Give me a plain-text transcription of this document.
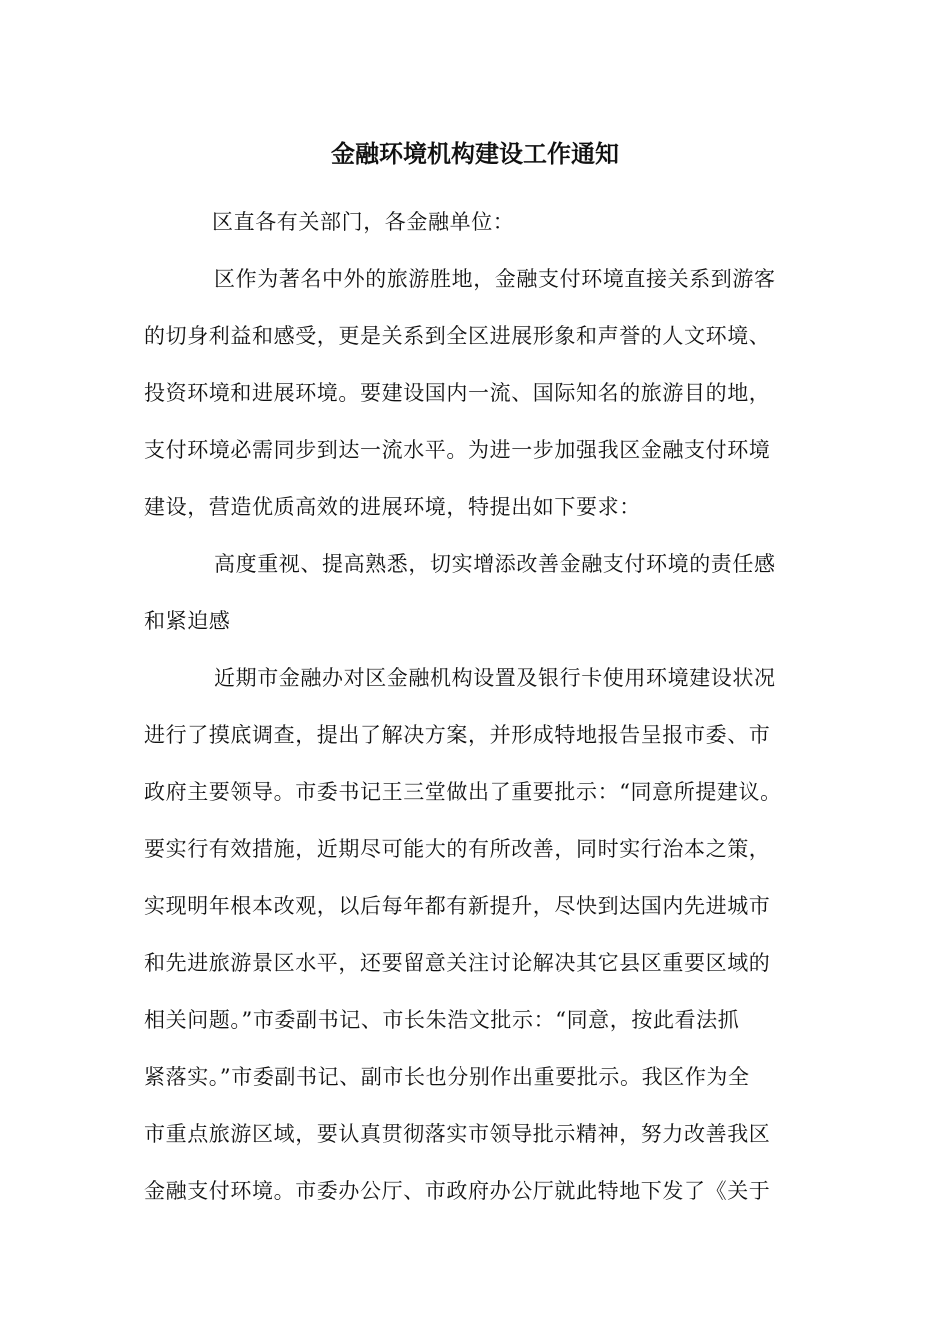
金融环境机构建设工作通知
区直各有关部门，各金融单位：
区作为著名中外的旅游胜地，金融支付环境直接关系到游客
的切身利益和感受，更是关系到全区进展形象和声誉的人文环境、
投资环境和进展环境。要建设国内一流、国际知名的旅游目的地，
支付环境必需同步到达一流水平。为进一步加强我区金融支付环境
建设，营造优质高效的进展环境，特提出如下要求：
高度重视、提高熟悉，切实增添改善金融支付环境的责任感
和紧迫感
近期市金融办对区金融机构设置及银行卡使用环境建设状况
进行了摸底调查，提出了解决方案，并形成特地报告呈报市委、市
政府主要领导。市委书记王三堂做出了重要批示：“同意所提建议。
要实行有效措施，近期尽可能大的有所改善，同时实行治本之策，
实现明年根本改观，以后每年都有新提升，尽快到达国内先进城市
和先进旅游景区水平，还要留意关注讨论解决其它县区重要区域的
相关问题。”市委副书记、市长朱浩文批示：“同意，按此看法抓
紧落实。”市委副书记、副市长也分别作出重要批示。我区作为全
市重点旅游区域，要认真贯彻落实市领导批示精神，努力改善我区
金融支付环境。市委办公厅、市政府办公厅就此特地下发了《关于
